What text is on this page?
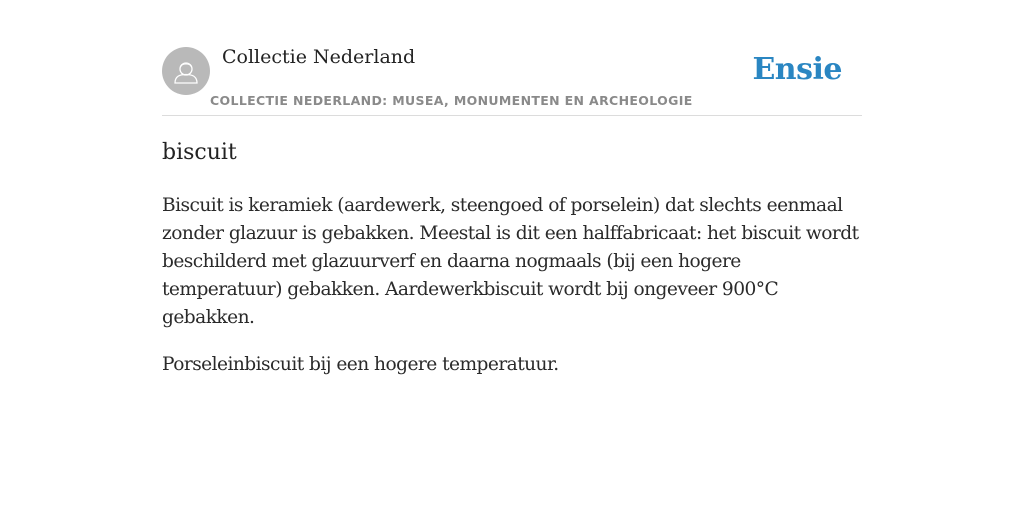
Collectie Nederland
COLLECTIE NEDERLAND: MUSEA, MONUMENTEN EN ARCHEOLOGIE
Ensie
biscuit

Biscuit is keramiek (aardewerk, steengoed of porselein) dat slechts eenmaal zonder glazuur is gebakken. Meestal is dit een halffabricaat: het biscuit wordt beschilderd met glazuurverf en daarna nogmaals (bij een hogere temperatuur) gebakken. Aardewerkbiscuit wordt bij ongeveer 900°C gebakken.

Porseleinbiscuit bij een hogere temperatuur.
